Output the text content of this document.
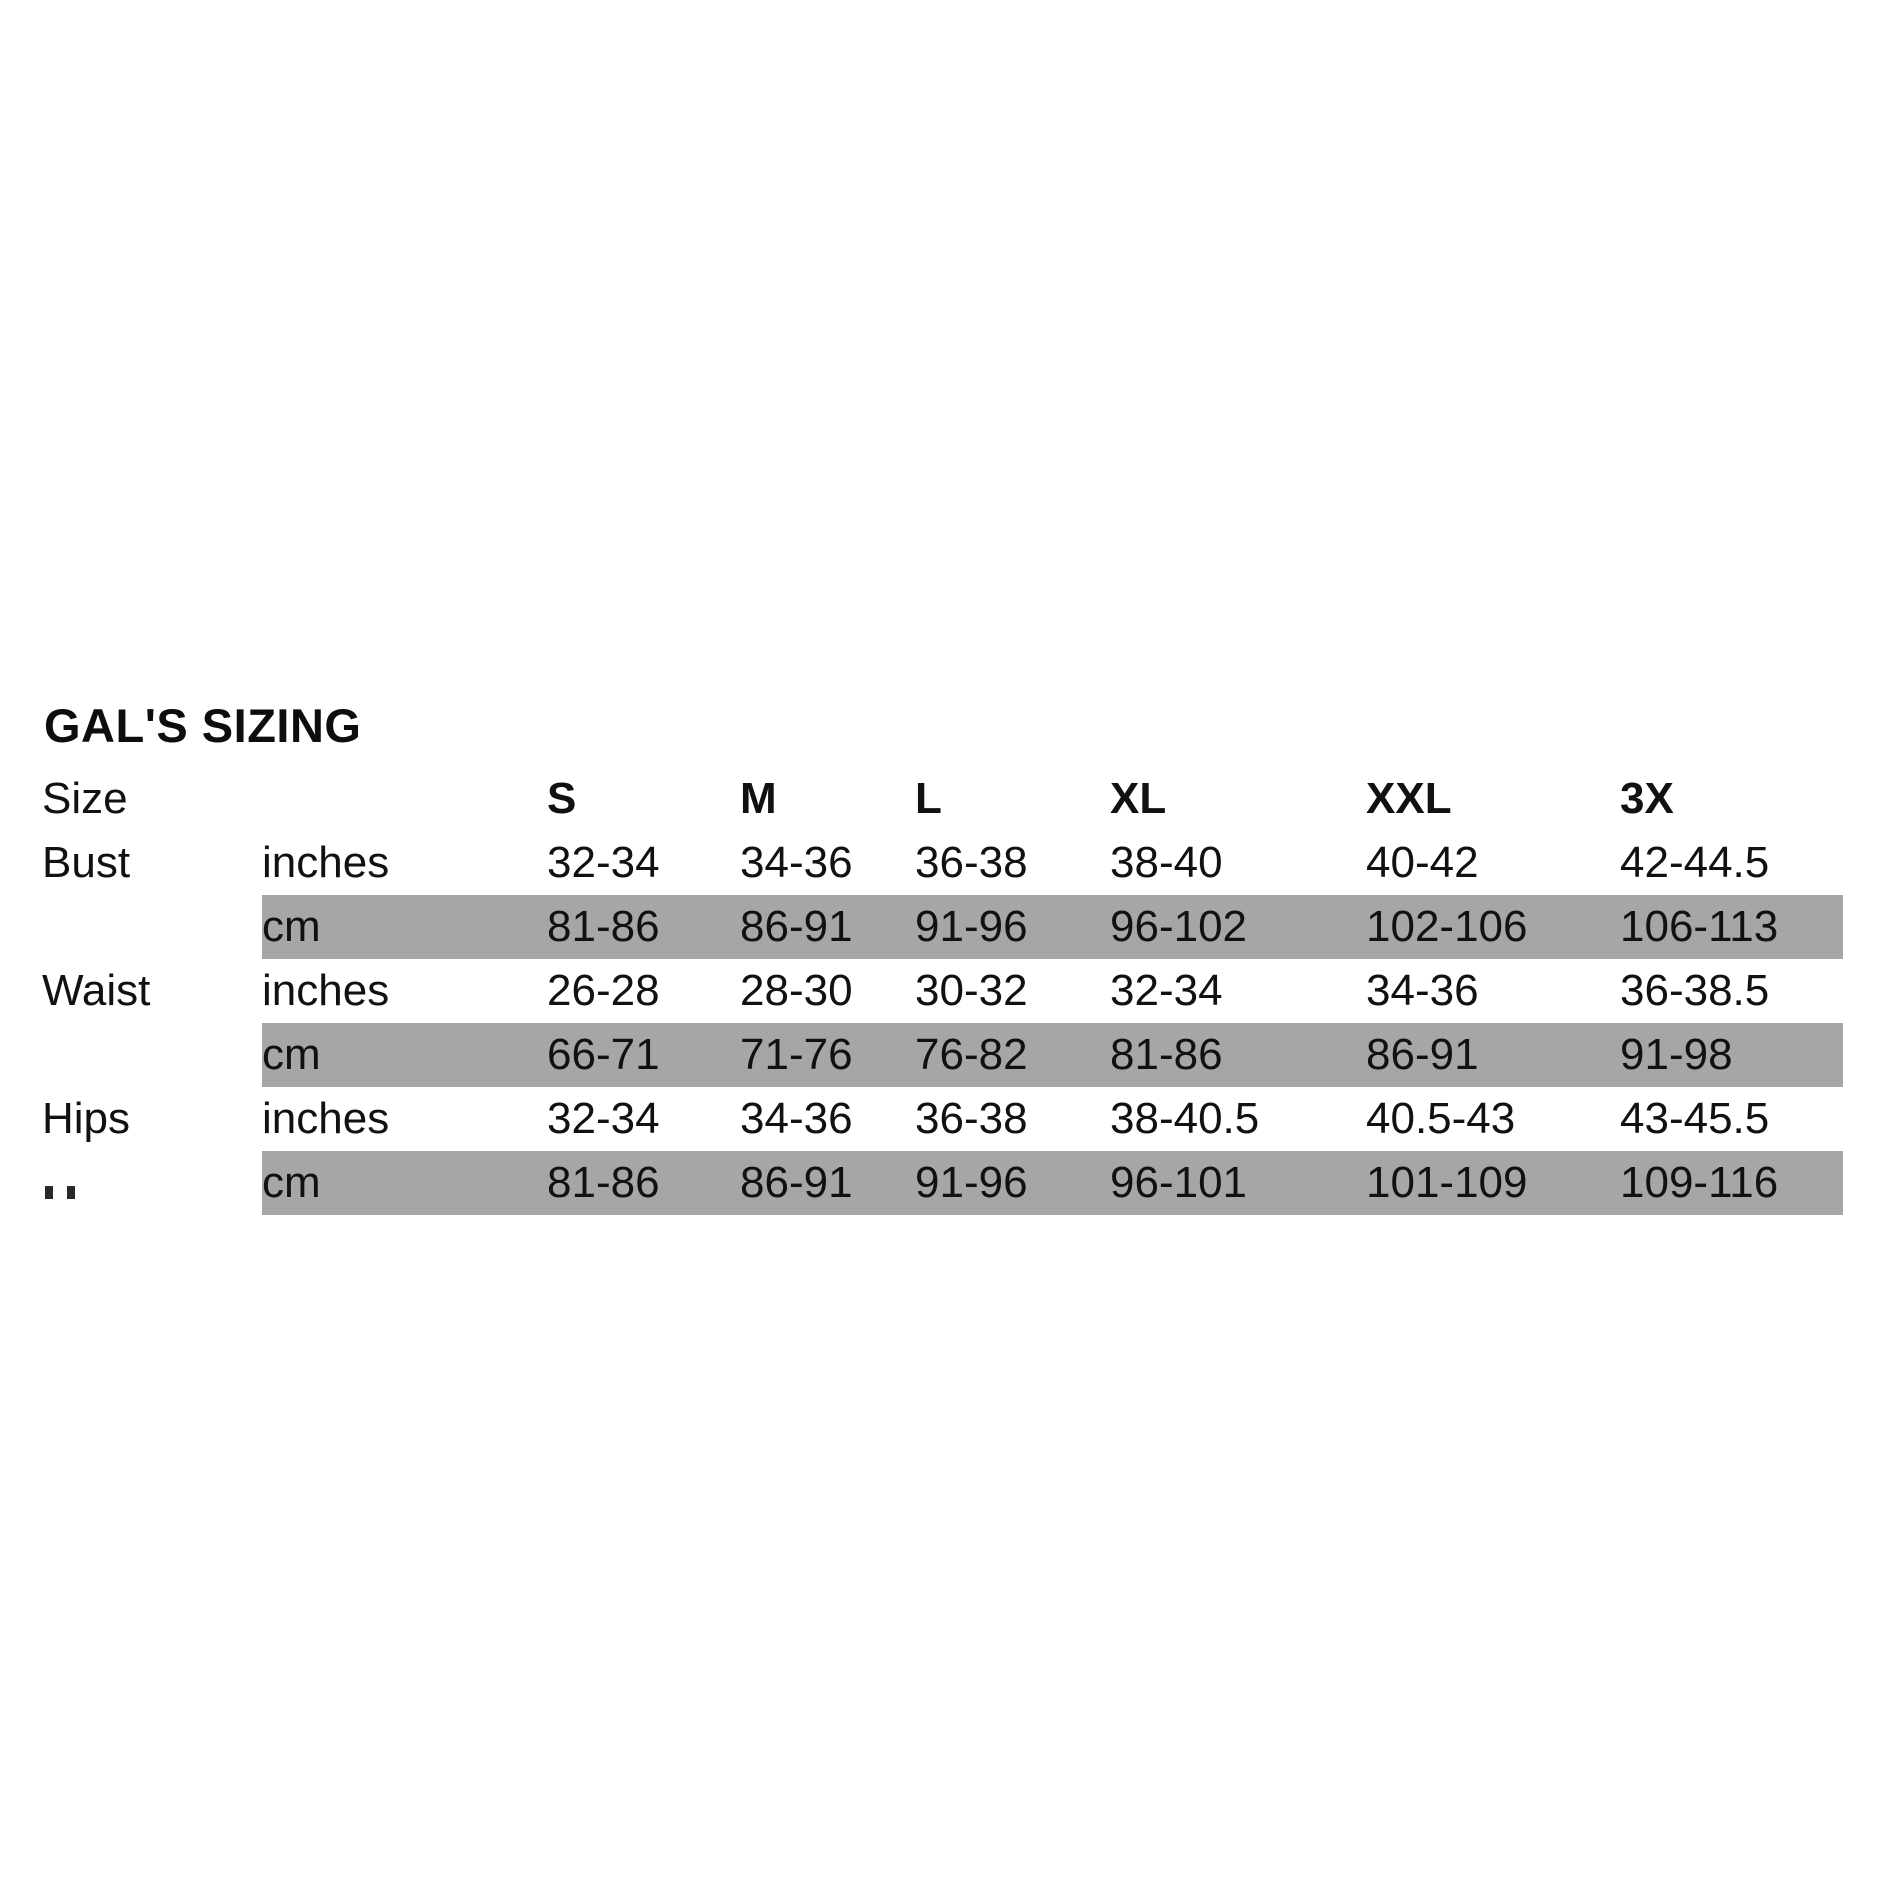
GAL'S SIZING
Size		S	M	L	XL	XXL	3X
Bust	inches	32-34	34-36	36-38	38-40	40-42	42-44.5
	cm	81-86	86-91	91-96	96-102	102-106	106-113
Waist	inches	26-28	28-30	30-32	32-34	34-36	36-38.5
	cm	66-71	71-76	76-82	81-86	86-91	91-98
Hips	inches	32-34	34-36	36-38	38-40.5	40.5-43	43-45.5
	cm	81-86	86-91	91-96	96-101	101-109	109-116
